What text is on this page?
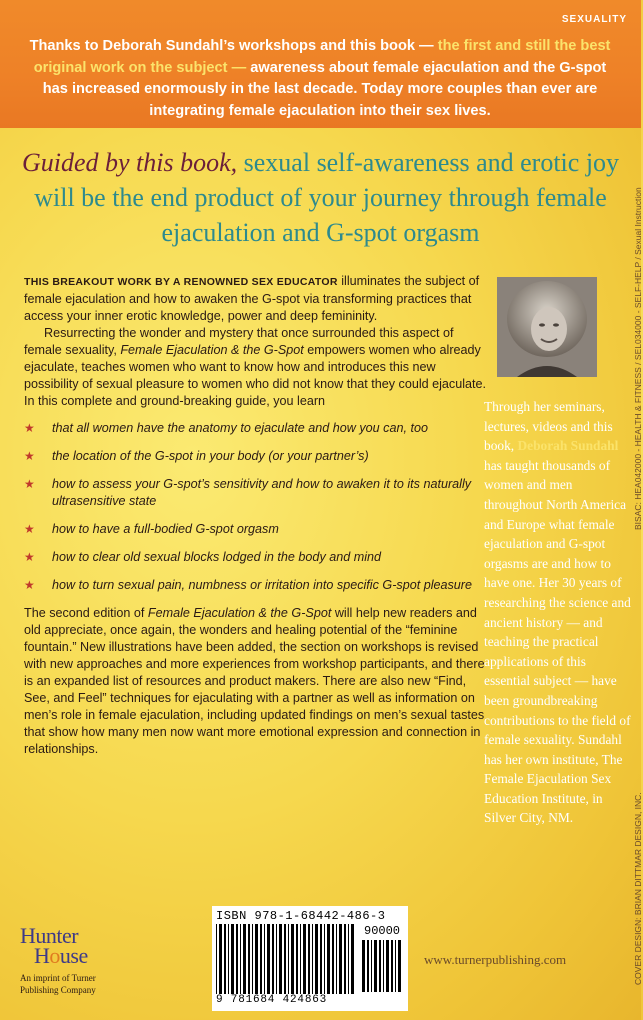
SEXUALITY
Thanks to Deborah Sundahl’s workshops and this book — the first and still the best original work on the subject — awareness about female ejaculation and the G-spot has increased enormously in the last decade. Today more couples than ever are integrating female ejaculation into their sex lives.
Guided by this book, sexual self-awareness and erotic joy will be the end product of your journey through female ejaculation and G-spot orgasm

THIS BREAKOUT WORK BY A RENOWNED SEX EDUCATOR illuminates the subject of female ejaculation and how to awaken the G-spot via transforming practices that access your inner erotic knowledge, power and deep femininity.

Resurrecting the wonder and mystery that once surrounded this aspect of female sexuality, Female Ejaculation & the G-Spot empowers women who already ejaculate, teaches women who want to know how and introduces this new possibility of sexual pleasure to women who did not know that they could ejaculate. In this complete and ground-breaking guide, you learn

★ that all women have the anatomy to ejaculate and how you can, too
★ the location of the G-spot in your body (or your partner’s)
★ how to assess your G-spot’s sensitivity and how to awaken it to its naturally ultrasensitive state
★ how to have a full-bodied G-spot orgasm
★ how to clear old sexual blocks lodged in the body and mind
★ how to turn sexual pain, numbness or irritation into specific G-spot pleasure

The second edition of Female Ejaculation & the G-Spot will help new readers and old appreciate, once again, the wonders and healing potential of the “feminine fountain.” New illustrations have been added, the section on workshops is revised with new approaches and more experiences from workshop participants, and there is an expanded list of resources and product makers. There are also new “Find, See, and Feel” techniques for ejaculating with a partner as well as information on men’s role in female ejaculation, including updated findings on men’s sexual tastes that show how many men now want more emotional expression and connection in relationships.

Through her seminars, lectures, videos and this book, Deborah Sundahl has taught thousands of women and men throughout North America and Europe what female ejaculation and G-spot orgasms are and how to have one. Her 30 years of researching the science and ancient history — and teaching the practical applications of this essential subject — have been groundbreaking contributions to the field of female sexuality. Sundahl has her own institute, The Female Ejaculation Sex Education Institute, in Silver City, NM.
BISAC: HEA042000 - HEALTH & FITNESS / SEL034000 - SELF-HELP / Sexual Instruction
COVER DESIGN: BRIAN DITTMAR DESIGN, INC.
ISBN 978-1-68442-486-3
90000
9 781684 424863
Hunter
House
An imprint of Turner Publishing Company
www.turnerpublishing.com
